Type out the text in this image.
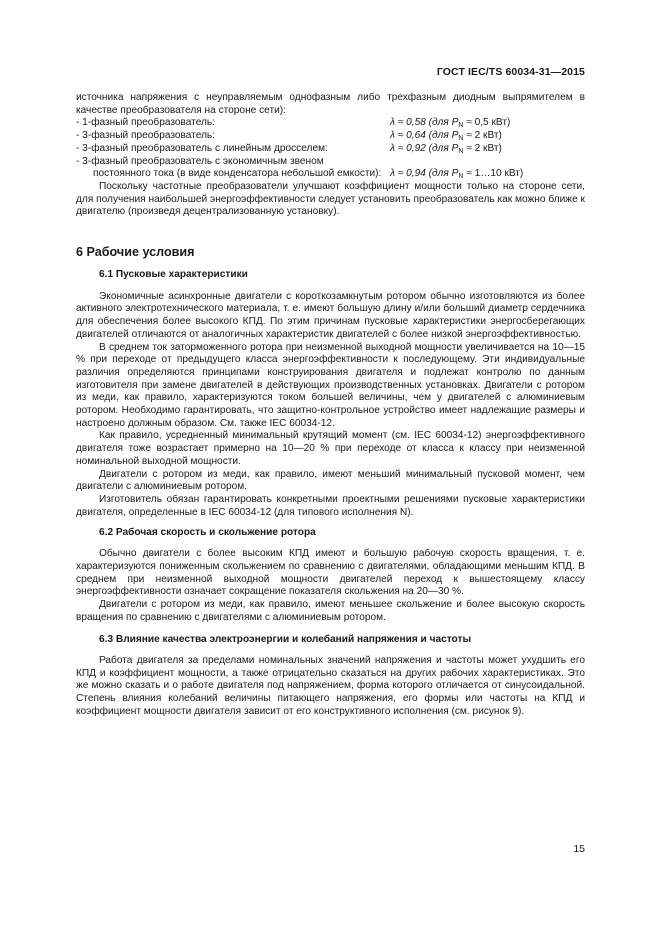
ГОСТ IEC/TS 60034-31—2015

источника напряжения с неуправляемым однофазным либо трехфазным диодным выпрямителем в качестве преобразователя на стороне сети):

- 1-фазный преобразователь:	λ ≈ 0,58 (для $P_N \approx 0,5$ кВт)
- 3-фазный преобразователь:	λ ≈ 0,64 (для $P_N \approx 2$ кВт)
- 3-фазный преобразователь с линейным дросселем:	λ ≈ 0,92 (для $P_N \approx 2$ кВт)
- 3-фазный преобразователь с экономичным звеном
постоянного тока (в виде конденсатора небольшой емкости): λ ≈ 0,94 (для $P_N$ ≈ 1…10 кВт)

Поскольку частотные преобразователи улучшают коэффициент мощности только на стороне сети, для получения наибольшей энергоэффективности следует установить преобразователь как можно ближе к двигателю (произведя децентрализованную установку).

6 Рабочие условия
6.1 Пусковые характеристики

Экономичные асинхронные двигатели с короткозамкнутым ротором обычно изготовляются из более активного электротехнического материала, т. е. имеют большую длину и/или больший диаметр сердечника для обеспечения более высокого КПД. По этим причинам пусковые характеристики энергосберегающих двигателей отличаются от аналогичных характеристик двигателей с более низкой энергоэффективностью.

В среднем ток заторможенного ротора при неизменной выходной мощности увеличивается на 10—15 % при переходе от предыдущего класса энергоэффективности к последующему. Эти индивидуальные различия определяются принципами конструирования двигателя и подлежат контролю по данным изготовителя при замене двигателей в действующих производственных установках. Двигатели с ротором из меди, как правило, характеризуются током большей величины, чем у двигателей с алюминиевым ротором. Необходимо гарантировать, что защитно-контрольное устройство имеет надлежащие размеры и настроено должным образом. См. также IEC 60034-12.

Как правило, усредненный минимальный крутящий момент (см. IEC 60034-12) энергоэффективного двигателя тоже возрастает примерно на 10—20 % при переходе от класса к классу при неизменной номинальной выходной мощности.

Двигатели с ротором из меди, как правило, имеют меньший минимальный пусковой момент, чем двигатели с алюминиевым ротором.

Изготовитель обязан гарантировать конкретными проектными решениями пусковые характеристики двигателя, определенные в IEC 60034-12 (для типового исполнения N).

6.2 Рабочая скорость и скольжение ротора

Обычно двигатели с более высоким КПД имеют и большую рабочую скорость вращения, т. е. характеризуются пониженным скольжением по сравнению с двигателями, обладающими меньшим КПД. В среднем при неизменной выходной мощности двигателей переход к вышестоящему классу энергоэффективности означает сокращение показателя скольжения на 20—30 %.

Двигатели с ротором из меди, как правило, имеют меньшее скольжение и более высокую скорость вращения по сравнению с двигателями с алюминиевым ротором.

6.3 Влияние качества электроэнергии и колебаний напряжения и частоты

Работа двигателя за пределами номинальных значений напряжения и частоты может ухудшить его КПД и коэффициент мощности, а также отрицательно сказаться на других рабочих характеристиках. Это же можно сказать и о работе двигателя под напряжением, форма которого отличается от синусоидальной. Степень влияния колебаний величины питающего напряжения, его формы или частоты на КПД и коэффициент мощности двигателя зависит от его конструктивного исполнения (см. рисунок 9).

15
